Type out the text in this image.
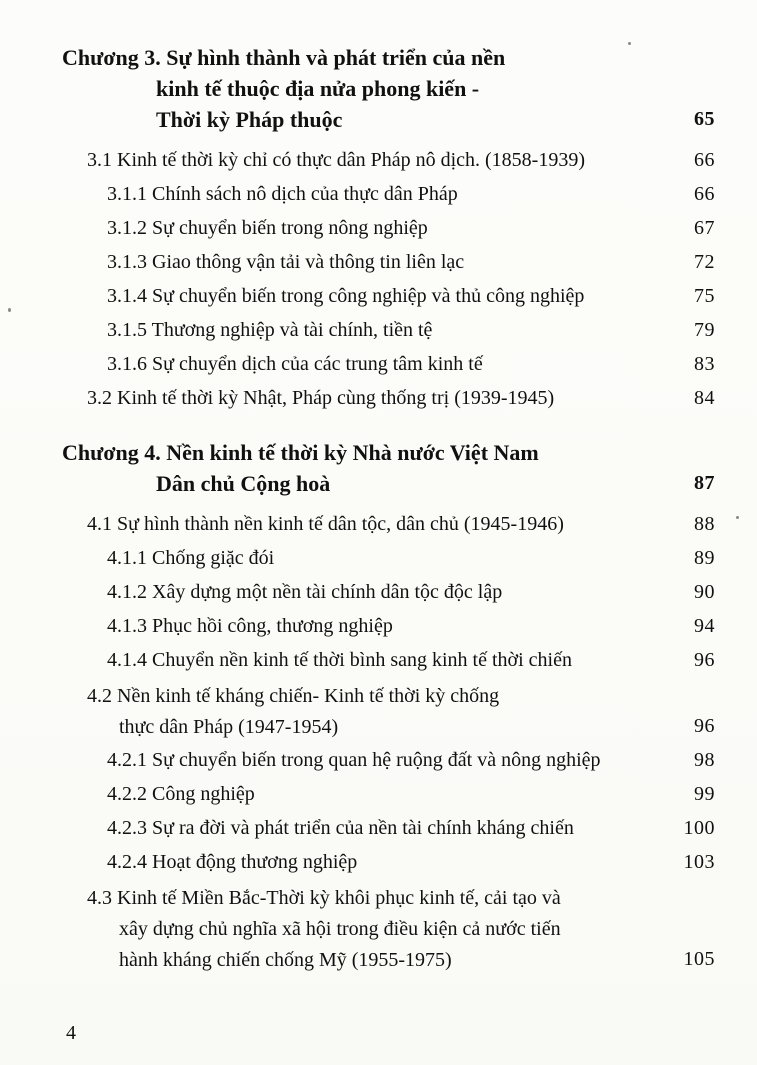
Chương 3. Sự hình thành và phát triển của nền
kinh tế thuộc địa nửa phong kiến -
Thời kỳ Pháp thuộc	65
3.1 Kinh tế thời kỳ chỉ có thực dân Pháp nô dịch. (1858-1939)	66
3.1.1 Chính sách nô dịch của thực dân Pháp	66
3.1.2 Sự chuyển biến trong nông nghiệp	67
3.1.3 Giao thông vận tải và thông tin liên lạc	72
3.1.4 Sự chuyển biến trong công nghiệp và thủ công nghiệp	75
3.1.5 Thương nghiệp và tài chính, tiền tệ	79
3.1.6 Sự chuyển dịch của các trung tâm kinh tế	83
3.2 Kinh tế thời kỳ Nhật, Pháp cùng thống trị (1939-1945)	84
Chương 4. Nền kinh tế thời kỳ Nhà nước Việt Nam
Dân chủ Cộng hoà	87
4.1 Sự hình thành nền kinh tế dân tộc, dân chủ (1945-1946)	88
4.1.1 Chống giặc đói	89
4.1.2 Xây dựng một nền tài chính dân tộc độc lập	90
4.1.3 Phục hồi công, thương nghiệp	94
4.1.4 Chuyển nền kinh tế thời bình sang kinh tế thời chiến	96
4.2 Nền kinh tế kháng chiến- Kinh tế thời kỳ chống
thực dân Pháp (1947-1954)	96
4.2.1 Sự chuyển biến trong quan hệ ruộng đất và nông nghiệp	98
4.2.2 Công nghiệp	99
4.2.3 Sự ra đời và phát triển của nền tài chính kháng chiến	100
4.2.4 Hoạt động thương nghiệp	103
4.3 Kinh tế Miền Bắc-Thời kỳ khôi phục kinh tế, cải tạo và
xây dựng chủ nghĩa xã hội trong điều kiện cả nước tiến
hành kháng chiến chống Mỹ (1955-1975)	105
4
